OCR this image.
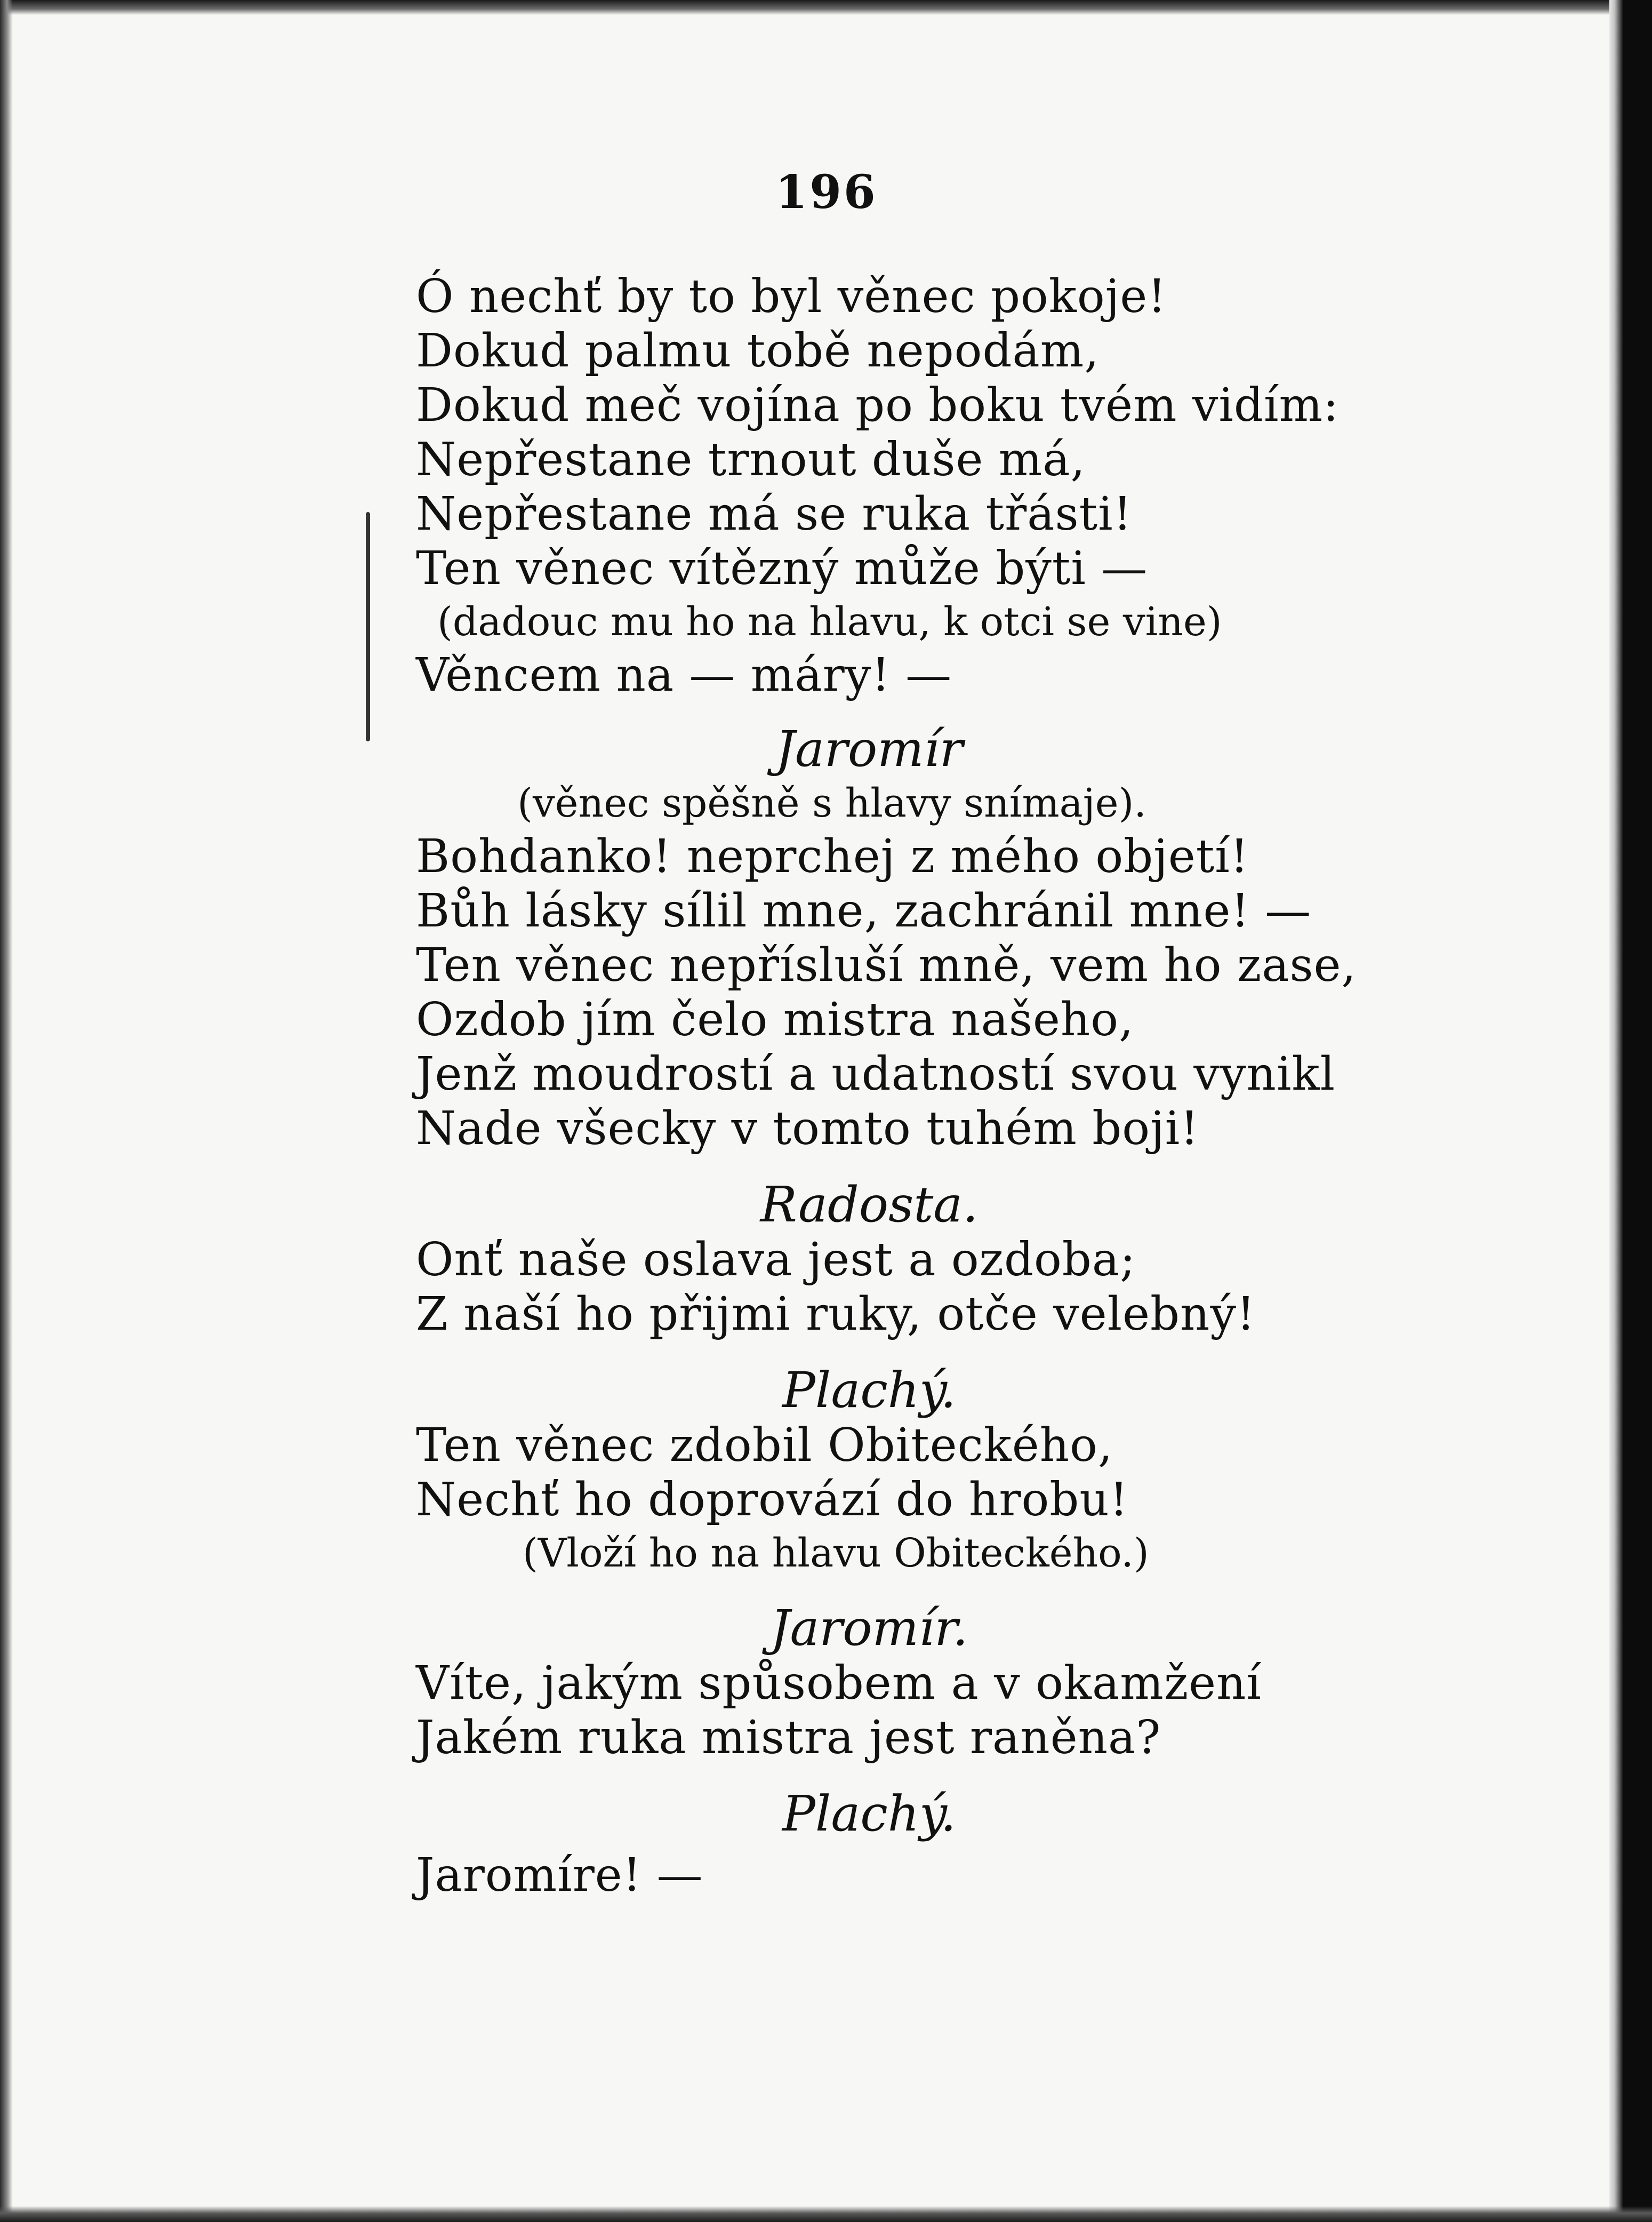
196
Ó nechť by to byl věnec pokoje!
Dokud palmu tobě nepodám,
Dokud meč vojína po boku tvém vidím:
Nepřestane trnout duše má,
Nepřestane má se ruka třásti!
Ten věnec vítězný může býti —
(dadouc mu ho na hlavu, k otci se vine)
Věncem na — máry! —
Jaromír
(věnec spěšně s hlavy snímaje).
Bohdanko! neprchej z mého objetí!
Bůh lásky sílil mne, zachránil mne! —
Ten věnec nepřísluší mně, vem ho zase,
Ozdob jím čelo mistra našeho,
Jenž moudrostí a udatností svou vynikl
Nade všecky v tomto tuhém boji!
Radosta.
Onť naše oslava jest a ozdoba;
Z naší ho přijmi ruky, otče velebný!
Plachý.
Ten věnec zdobil Obiteckého,
Nechť ho doprovází do hrobu!
(Vloží ho na hlavu Obiteckého.)
Jaromír.
Víte, jakým spůsobem a v okamžení
Jakém ruka mistra jest raněna?
Plachý.
Jaromíre! —
